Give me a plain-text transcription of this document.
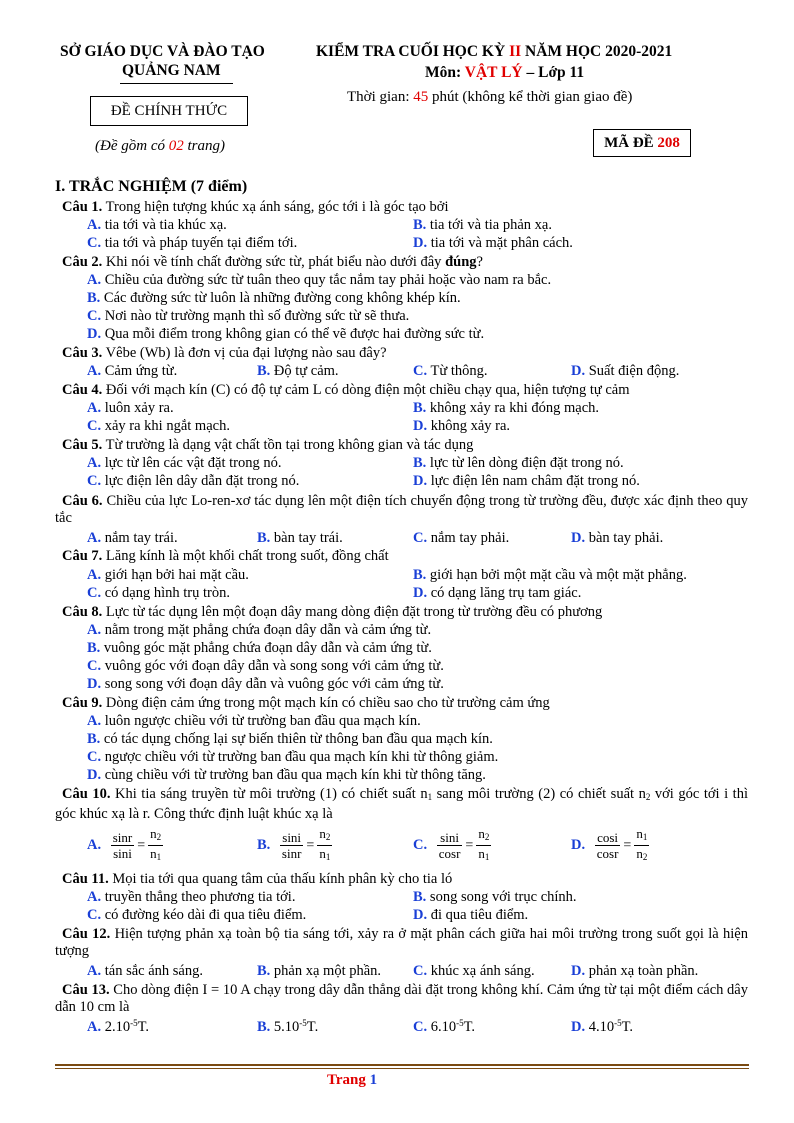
SỞ GIÁO DỤC VÀ ĐÀO TẠO
QUẢNG NAM
ĐỀ CHÍNH THỨC
(Đề gồm có 02 trang)
KIỂM TRA CUỐI HỌC KỲ II NĂM HỌC 2020-2021
Môn: VẬT LÝ – Lớp 11
Thời gian: 45 phút (không kể thời gian giao đề)
MÃ ĐỀ 208
I. TRẮC NGHIỆM (7 điểm)
Câu 1. Trong hiện tượng khúc xạ ánh sáng, góc tới i là góc tạo bởi
A. tia tới và tia khúc xạ.	B. tia tới và tia phản xạ.
C. tia tới và pháp tuyến tại điểm tới.	D. tia tới và mặt phân cách.
Câu 2. Khi nói về tính chất đường sức từ, phát biểu nào dưới đây đúng?
A. Chiều của đường sức từ tuân theo quy tắc nắm tay phải hoặc vào nam ra bắc.
B. Các đường sức từ luôn là những đường cong không khép kín.
C. Nơi nào từ trường mạnh thì số đường sức từ sẽ thưa.
D. Qua mỗi điểm trong không gian có thể vẽ được hai đường sức từ.
Câu 3. Vêbe (Wb) là đơn vị của đại lượng nào sau đây?
A. Cảm ứng từ.	B. Độ tự cảm.	C. Từ thông.	D. Suất điện động.
Câu 4. Đối với mạch kín (C) có độ tự cảm L có dòng điện một chiều chạy qua, hiện tượng tự cảm
A. luôn xảy ra.	B. không xảy ra khi đóng mạch.
C. xảy ra khi ngắt mạch.	D. không xảy ra.
Câu 5. Từ trường là dạng vật chất tồn tại trong không gian và tác dụng
A. lực từ lên các vật đặt trong nó.	B. lực từ lên dòng điện đặt trong nó.
C. lực điện lên dây dẫn đặt trong nó.	D. lực điện lên nam châm đặt trong nó.
Câu 6. Chiều của lực Lo-ren-xơ tác dụng lên một điện tích chuyển động trong từ trường đều, được xác định theo quy tắc
A. nắm tay trái.	B. bàn tay trái.	C. nắm tay phải.	D. bàn tay phải.
Câu 7. Lăng kính là một khối chất trong suốt, đồng chất
A. giới hạn bởi hai mặt cầu.	B. giới hạn bởi một mặt cầu và một mặt phẳng.
C. có dạng hình trụ tròn.	D. có dạng lăng trụ tam giác.
Câu 8. Lực từ tác dụng lên một đoạn dây mang dòng điện đặt trong từ trường đều có phương
A. nằm trong mặt phẳng chứa đoạn dây dẫn và cảm ứng từ.
B. vuông góc mặt phẳng chứa đoạn dây dẫn và cảm ứng từ.
C. vuông góc với đoạn dây dẫn và song song với cảm ứng từ.
D. song song với đoạn dây dẫn và vuông góc với cảm ứng từ.
Câu 9. Dòng điện cảm ứng trong một mạch kín có chiều sao cho từ trường cảm ứng
A. luôn ngược chiều với từ trường ban đầu qua mạch kín.
B. có tác dụng chống lại sự biến thiên từ thông ban đầu qua mạch kín.
C. ngược chiều với từ trường ban đầu qua mạch kín khi từ thông giảm.
D. cùng chiều với từ trường ban đầu qua mạch kín khi từ thông tăng.
Câu 10. Khi tia sáng truyền từ môi trường (1) có chiết suất $n_1$ sang môi trường (2) có chiết suất $n_2$ với góc tới i thì góc khúc xạ là r. Công thức định luật khúc xạ là
A. $\frac{\sin r}{\sin i} = \frac{n_2}{n_1}$	B. $\frac{\sin i}{\sin r} = \frac{n_2}{n_1}$	C. $\frac{\sin i}{\cos r} = \frac{n_2}{n_1}$	D. $\frac{\cos i}{\cos r} = \frac{n_1}{n_2}$
Câu 11. Mọi tia tới qua quang tâm của thấu kính phân kỳ cho tia ló
A. truyền thẳng theo phương tia tới.	B. song song với trục chính.
C. có đường kéo dài đi qua tiêu điểm.	D. đi qua tiêu điểm.
Câu 12. Hiện tượng phản xạ toàn bộ tia sáng tới, xảy ra ở mặt phân cách giữa hai môi trường trong suốt gọi là hiện tượng
A. tán sắc ánh sáng.	B. phản xạ một phần. C. khúc xạ ánh sáng.	D. phản xạ toàn phần.
Câu 13. Cho dòng điện I = 10 A chạy trong dây dẫn thẳng dài đặt trong không khí. Cảm ứng từ tại một điểm cách dây dẫn 10 cm là
A. $2.10^{-5}T$.	B. $5.10^{-5}T$.	C. $6.10^{-5}T$.	D. $4.10^{-5}T$.
Trang 1
